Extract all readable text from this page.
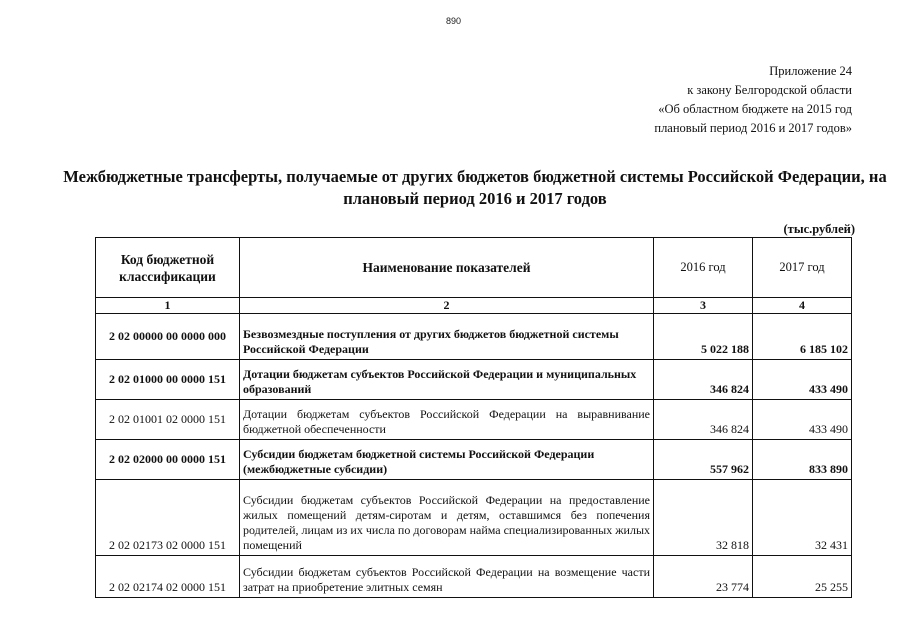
890
Приложение 24
к закону Белгородской области
«Об областном бюджете на 2015 год
плановый период 2016 и 2017 годов»
Межбюджетные трансферты, получаемые от других бюджетов бюджетной системы Российской Федерации, на плановый период 2016 и 2017 годов
(тыс.рублей)
Код бюджетной классификации	Наименование показателей	2016 год	2017 год
1	2	3	4
2 02 00000 00 0000 000	Безвозмездные поступления от других бюджетов бюджетной системы Российской Федерации	5 022 188	6 185 102
2 02 01000 00 0000 151	Дотации бюджетам субъектов Российской Федерации и муниципальных образований	346 824	433 490
2 02 01001 02 0000 151	Дотации бюджетам субъектов Российской Федерации на выравнивание бюджетной обеспеченности	346 824	433 490
2 02 02000 00 0000 151	Субсидии бюджетам бюджетной системы Российской Федерации (межбюджетные субсидии)	557 962	833 890
2 02 02173 02 0000 151	Субсидии бюджетам субъектов Российской Федерации на предоставление жилых помещений детям-сиротам и детям, оставшимся без попечения родителей, лицам из их числа по договорам найма специализированных жилых помещений	32 818	32 431
2 02 02174 02 0000 151	Субсидии бюджетам субъектов Российской Федерации на возмещение части затрат на приобретение элитных семян	23 774	25 255
